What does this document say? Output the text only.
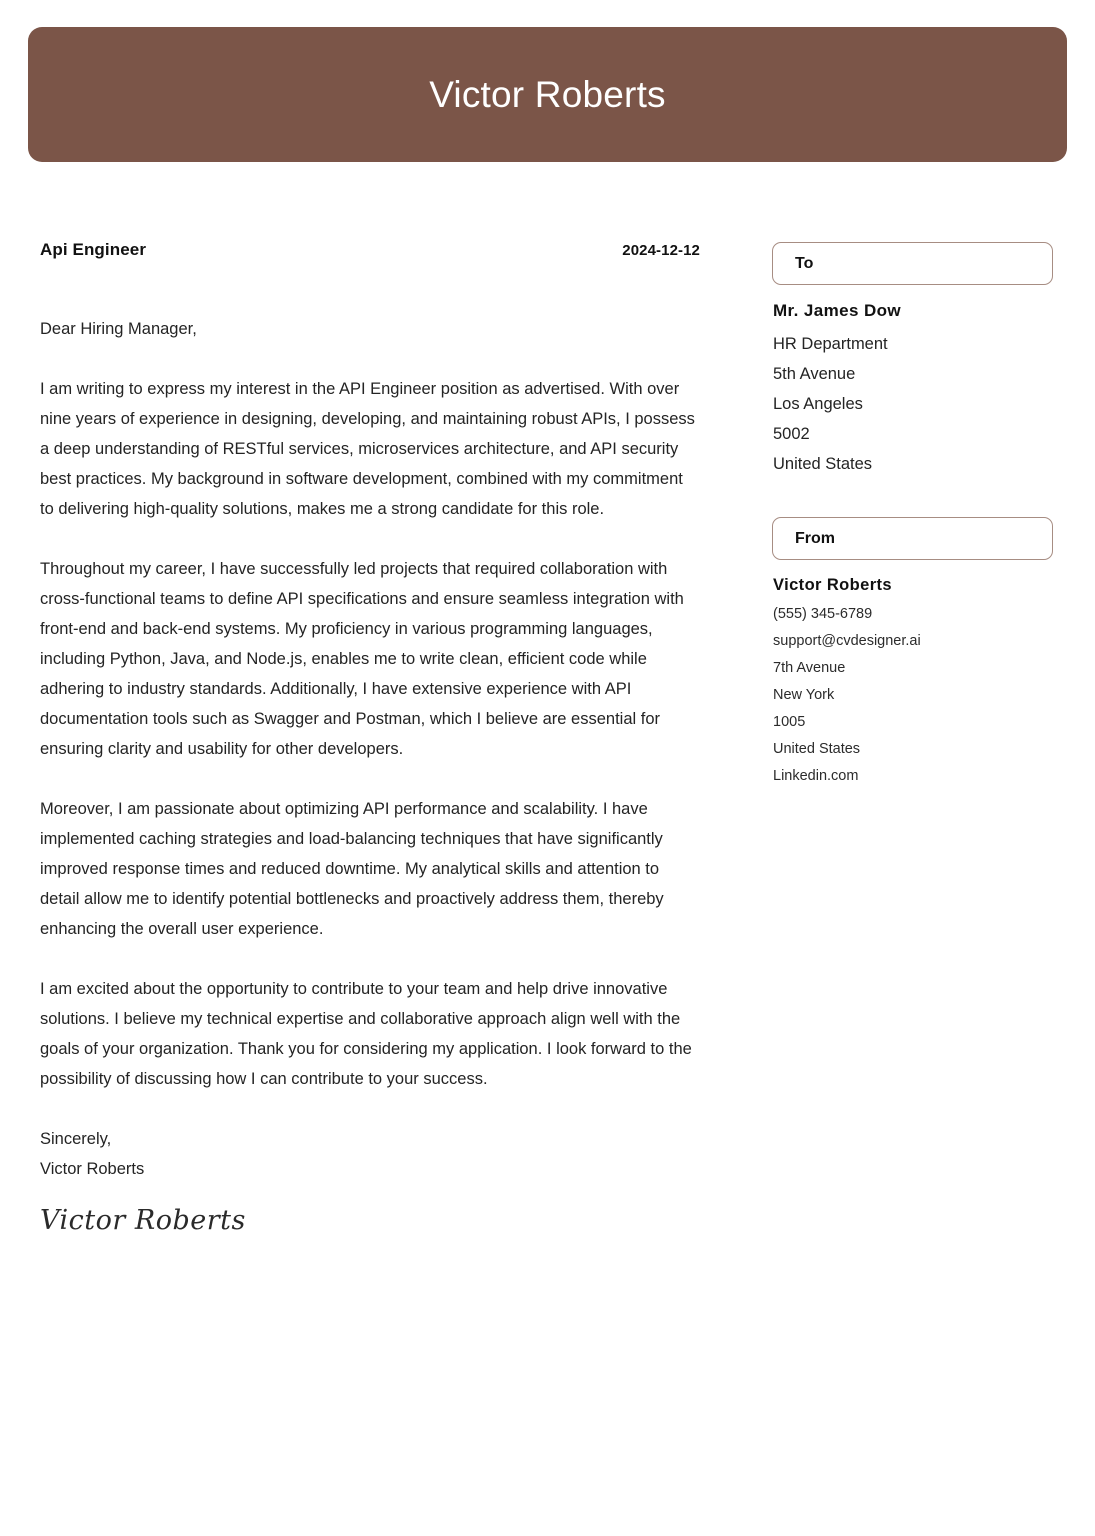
Victor Roberts
Api Engineer	2024-12-12
Dear Hiring Manager,

I am writing to express my interest in the API Engineer position as advertised. With over nine years of experience in designing, developing, and maintaining robust APIs, I possess a deep understanding of RESTful services, microservices architecture, and API security best practices. My background in software development, combined with my commitment to delivering high-quality solutions, makes me a strong candidate for this role.

Throughout my career, I have successfully led projects that required collaboration with cross-functional teams to define API specifications and ensure seamless integration with front-end and back-end systems. My proficiency in various programming languages, including Python, Java, and Node.js, enables me to write clean, efficient code while adhering to industry standards. Additionally, I have extensive experience with API documentation tools such as Swagger and Postman, which I believe are essential for ensuring clarity and usability for other developers.

Moreover, I am passionate about optimizing API performance and scalability. I have implemented caching strategies and load-balancing techniques that have significantly improved response times and reduced downtime. My analytical skills and attention to detail allow me to identify potential bottlenecks and proactively address them, thereby enhancing the overall user experience.

I am excited about the opportunity to contribute to your team and help drive innovative solutions. I believe my technical expertise and collaborative approach align well with the goals of your organization. Thank you for considering my application. I look forward to the possibility of discussing how I can contribute to your success.

Sincerely,
Victor Roberts
Victor Roberts
To
Mr. James Dow
HR Department
5th Avenue
Los Angeles
5002
United States
From
Victor Roberts
(555) 345-6789
support@cvdesigner.ai
7th Avenue
New York
1005
United States
Linkedin.com
